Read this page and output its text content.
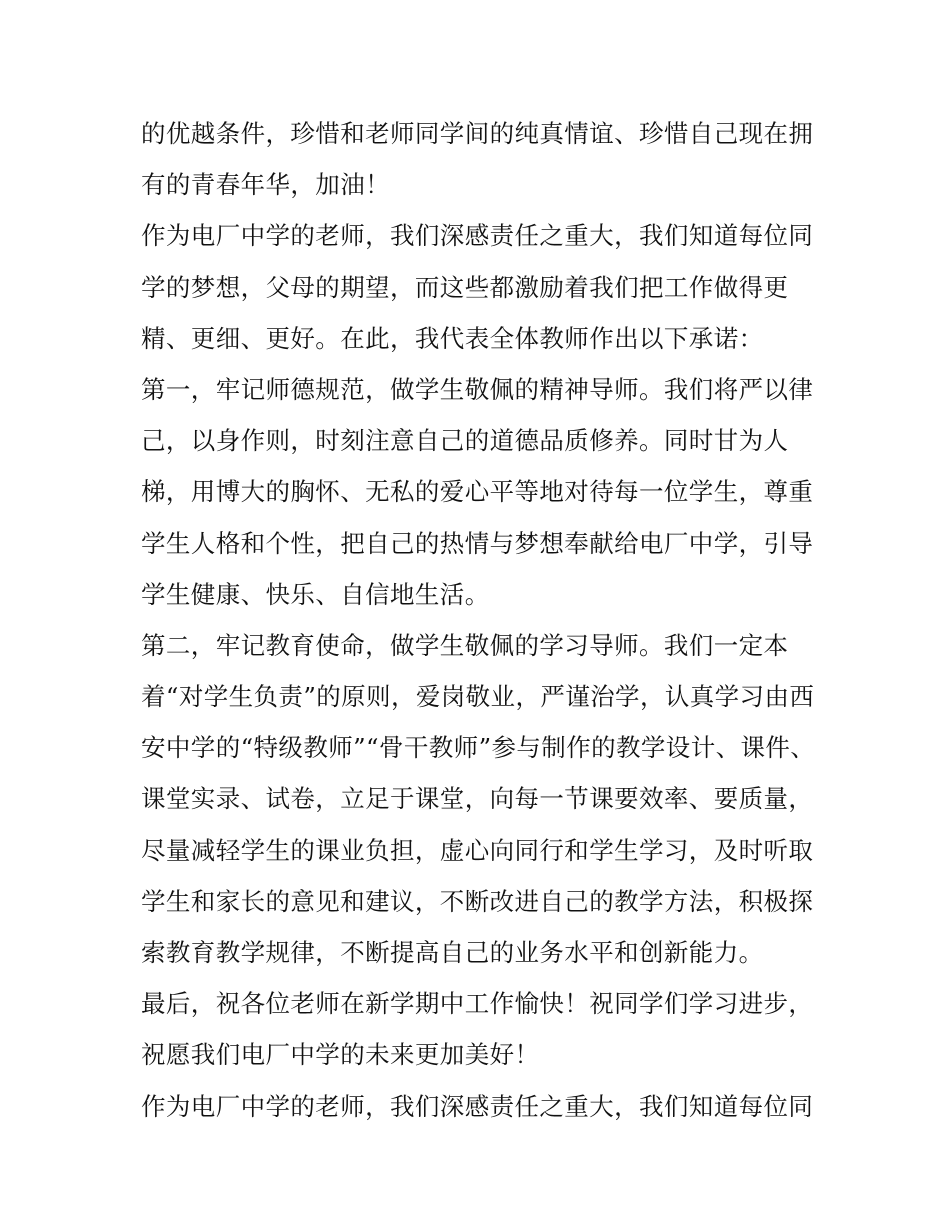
的优越条件，珍惜和老师同学间的纯真情谊、珍惜自己现在拥
有的青春年华，加油！
作为电厂中学的老师，我们深感责任之重大，我们知道每位同
学的梦想，父母的期望，而这些都激励着我们把工作做得更
精、更细、更好。在此，我代表全体教师作出以下承诺：
第一，牢记师德规范，做学生敬佩的精神导师。我们将严以律
己，以身作则，时刻注意自己的道德品质修养。同时甘为人
梯，用博大的胸怀、无私的爱心平等地对待每一位学生，尊重
学生人格和个性，把自己的热情与梦想奉献给电厂中学，引导
学生健康、快乐、自信地生活。
第二，牢记教育使命，做学生敬佩的学习导师。我们一定本
着“对学生负责”的原则，爱岗敬业，严谨治学，认真学习由西
安中学的“特级教师”“骨干教师”参与制作的教学设计、课件、
课堂实录、试卷，立足于课堂，向每一节课要效率、要质量，
尽量减轻学生的课业负担，虚心向同行和学生学习，及时听取
学生和家长的意见和建议，不断改进自己的教学方法，积极探
索教育教学规律，不断提高自己的业务水平和创新能力。
最后，祝各位老师在新学期中工作愉快！祝同学们学习进步，
祝愿我们电厂中学的未来更加美好！
作为电厂中学的老师，我们深感责任之重大，我们知道每位同
